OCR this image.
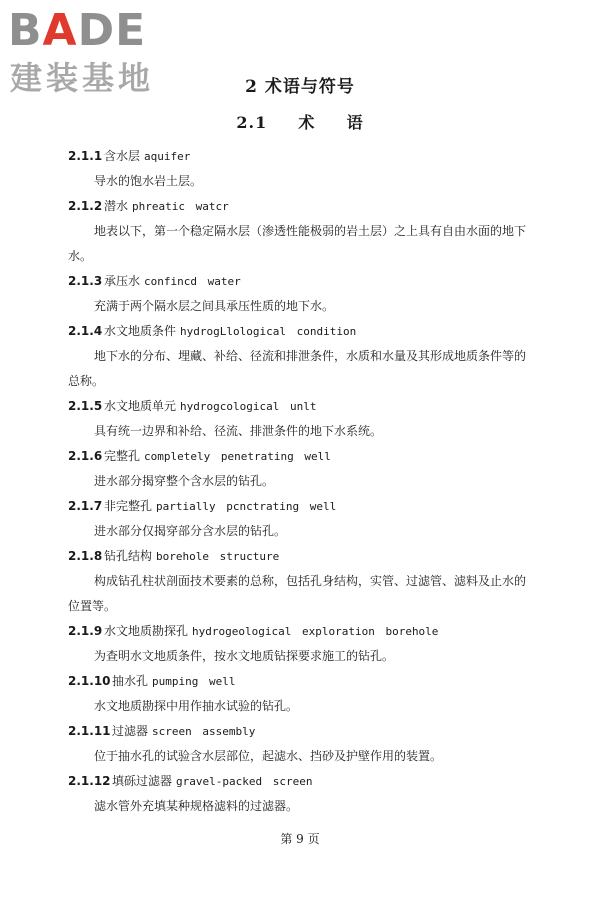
BADE
建装基地	2 术语与符号
2.1 术 语
2.1.1 含水层 aquifer
导水的饱水岩土层。
2.1.2 潜水 phreatic watcr
地表以下，第一个稳定隔水层（渗透性能极弱的岩土层）之上具有自由水面的地下
水。
2.1.3 承压水 confincd water
充满于两个隔水层之间具承压性质的地下水。
2.1.4 水文地质条件 hydrogLlological condition
地下水的分布、埋藏、补给、径流和排泄条件，水质和水量及其形成地质条件等的
总称。
2.1.5 水文地质单元 hydrogcological unlt
具有统一边界和补给、径流、排泄条件的地下水系统。
2.1.6 完整孔 completely penetrating well
进水部分揭穿整个含水层的钻孔。
2.1.7 非完整孔 partially pcnctrating well
进水部分仅揭穿部分含水层的钻孔。
2.1.8 钻孔结构 borehole structure
构成钻孔柱状剖面技术要素的总称，包括孔身结构，实管、过滤管、滤料及止水的
位置等。
2.1.9 水文地质勘探孔 hydrogeological exploration borehole
为查明水文地质条件，按水文地质钻探要求施工的钻孔。
2.1.10抽水孔 pumping well
水文地质勘探中用作抽水试验的钻孔。
2.1.11过滤器 screen assembly
位于抽水孔的试验含水层部位，起滤水、挡砂及护壁作用的装置。
2.1.12填砾过滤器 gravel-packed screen
滤水管外充填某种规格滤料的过滤器。
第 9 页
